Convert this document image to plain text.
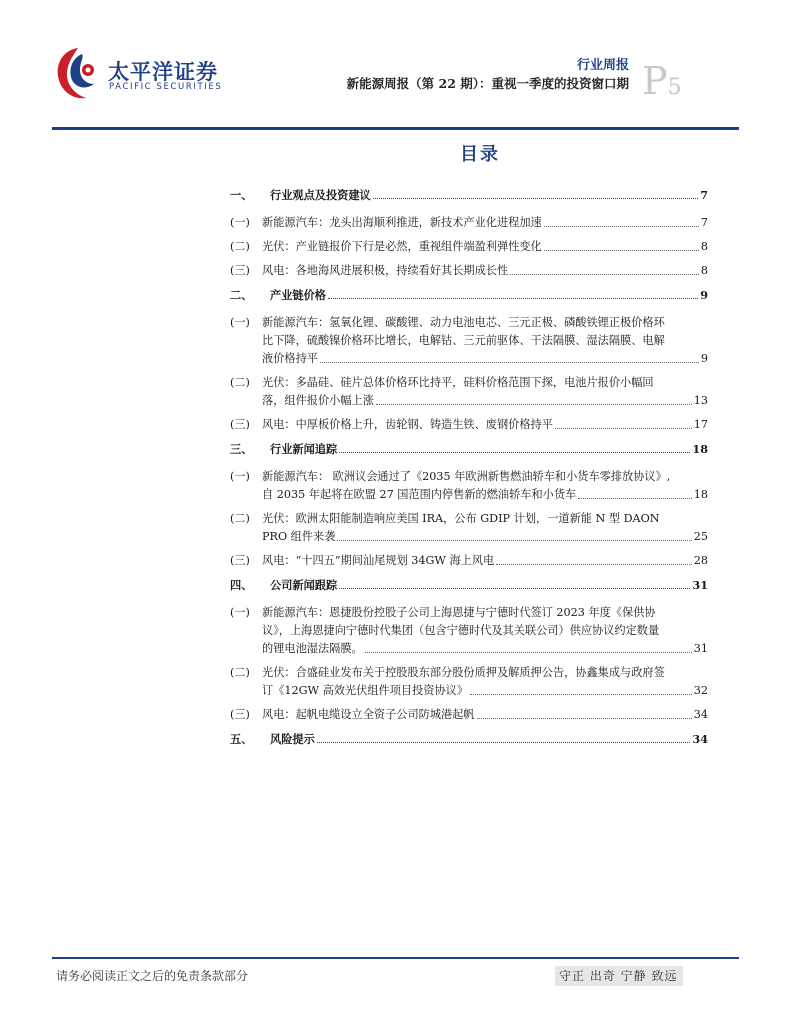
太平洋证券
PACIFIC SECURITIES
行业周报
新能源周报（第 22 期）：重视一季度的投资窗口期 P5
目录
一、	行业观点及投资建议	7
(一)	新能源汽车：龙头出海顺利推进，新技术产业化进程加速	7
(二)	光伏：产业链报价下行是必然，重视组件端盈利弹性变化	8
(三)	风电：各地海风进展积极，持续看好其长期成长性	8
二、	产业链价格	9
(一)	新能源汽车：氢氧化锂、碳酸锂、动力电池电芯、三元正极、磷酸铁锂正极价格环
比下降，硫酸镍价格环比增长，电解钴、三元前驱体、干法隔膜、湿法隔膜、电解
液价格持平	9
(二)	光伏：多晶硅、硅片总体价格环比持平，硅料价格范围下探，电池片报价小幅回
落，组件报价小幅上涨	13
(三)	风电：中厚板价格上升，齿轮钢、铸造生铁、废钢价格持平	17
三、	行业新闻追踪	18
(一)	新能源汽车： 欧洲议会通过了《2035 年欧洲新售燃油轿车和小货车零排放协议》,
自 2035 年起将在欧盟 27 国范围内停售新的燃油轿车和小货车	18
(二)	光伏：欧洲太阳能制造响应美国 IRA，公布 GDIP 计划，一道新能 N 型 DAON
PRO 组件来袭	25
(三)	风电：“十四五”期间汕尾规划 34GW 海上风电	28
四、	公司新闻跟踪	31
(一)	新能源汽车：恩捷股份控股子公司上海恩捷与宁德时代签订 2023 年度《保供协
议》，上海恩捷向宁德时代集团（包含宁德时代及其关联公司）供应协议约定数量
的锂电池湿法隔膜。	31
(二)	光伏：合盛硅业发布关于控股股东部分股份质押及解质押公告，协鑫集成与政府签
订《12GW 高效光伏组件项目投资协议》	32
(三)	风电：起帆电缆设立全资子公司防城港起帆	34
五、	风险提示	34
请务必阅读正文之后的免责条款部分	守正 出奇 宁静 致远
